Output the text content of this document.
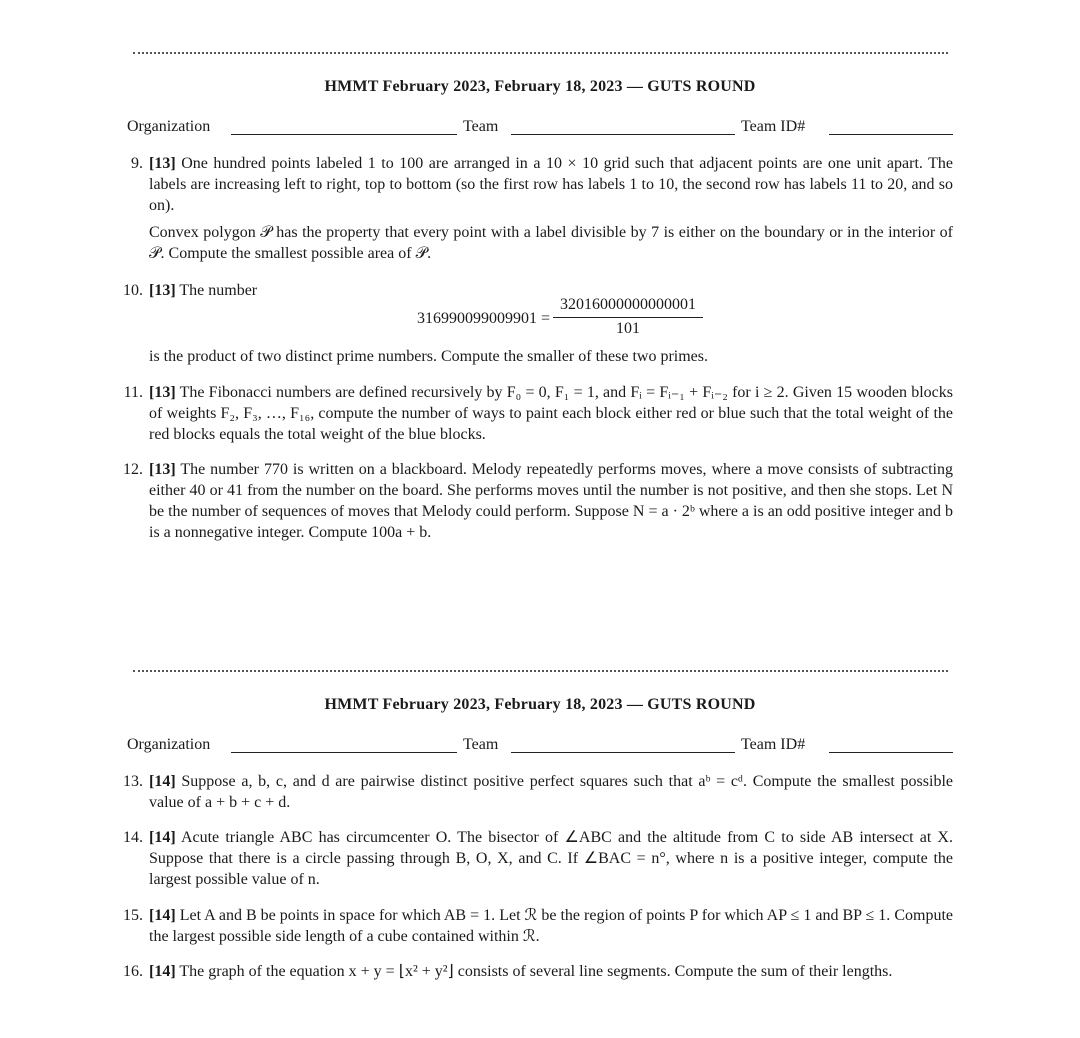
HMMT February 2023, February 18, 2023 — GUTS ROUND
Organization	Team	Team ID#
9. [13] One hundred points labeled 1 to 100 are arranged in a 10 × 10 grid such that adjacent points are one unit apart. The labels are increasing left to right, top to bottom (so the first row has labels 1 to 10, the second row has labels 11 to 20, and so on).
Convex polygon 𝒫 has the property that every point with a label divisible by 7 is either on the boundary or in the interior of 𝒫. Compute the smallest possible area of 𝒫.
10. [13] The number
$316990099009901 = \frac{32016000000000001}{101}$
is the product of two distinct prime numbers. Compute the smaller of these two primes.
11. [13] The Fibonacci numbers are defined recursively by F₀ = 0, F₁ = 1, and Fᵢ = Fᵢ₋₁ + Fᵢ₋₂ for i ≥ 2. Given 15 wooden blocks of weights F₂, F₃, …, F₁₆, compute the number of ways to paint each block either red or blue such that the total weight of the red blocks equals the total weight of the blue blocks.
12. [13] The number 770 is written on a blackboard. Melody repeatedly performs moves, where a move consists of subtracting either 40 or 41 from the number on the board. She performs moves until the number is not positive, and then she stops. Let N be the number of sequences of moves that Melody could perform. Suppose N = a · 2ᵇ where a is an odd positive integer and b is a nonnegative integer. Compute 100a + b.
HMMT February 2023, February 18, 2023 — GUTS ROUND
Organization	Team	Team ID#
13. [14] Suppose a, b, c, and d are pairwise distinct positive perfect squares such that aᵇ = cᵈ. Compute the smallest possible value of a + b + c + d.
14. [14] Acute triangle ABC has circumcenter O. The bisector of ∠ABC and the altitude from C to side AB intersect at X. Suppose that there is a circle passing through B, O, X, and C. If ∠BAC = n°, where n is a positive integer, compute the largest possible value of n.
15. [14] Let A and B be points in space for which AB = 1. Let ℛ be the region of points P for which AP ≤ 1 and BP ≤ 1. Compute the largest possible side length of a cube contained within ℛ.
16. [14] The graph of the equation x + y = ⌊x² + y²⌋ consists of several line segments. Compute the sum of their lengths.
